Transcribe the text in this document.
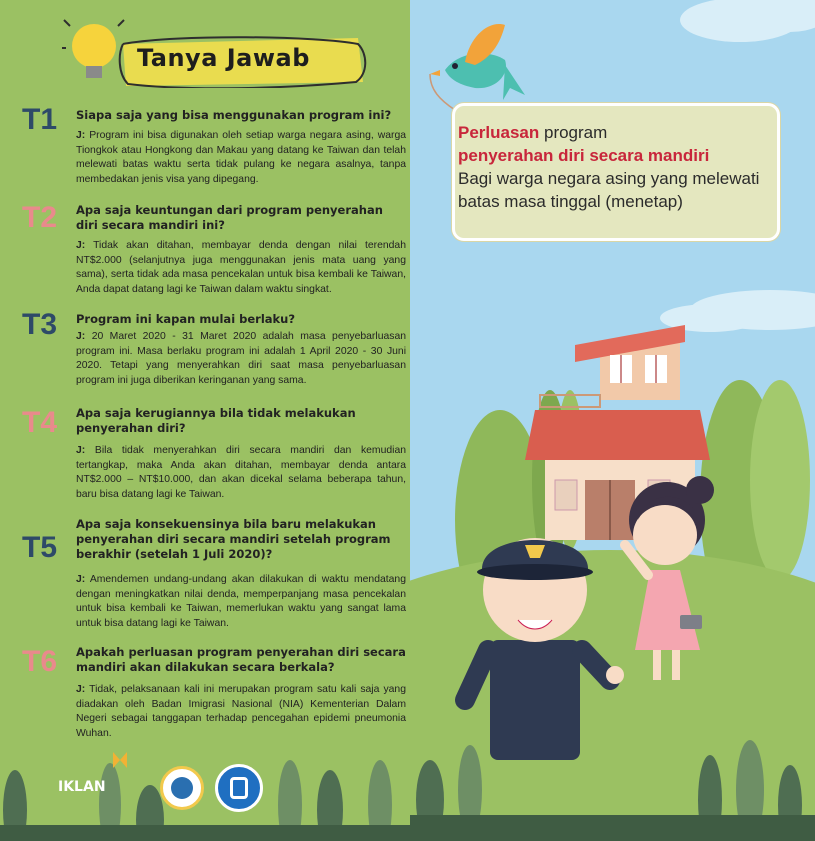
Tanya Jawab
T1 Siapa saja yang bisa menggunakan program ini?
J: Program ini bisa digunakan oleh setiap warga negara asing, warga Tiongkok atau Hongkong dan Makau yang datang ke Taiwan dan telah melewati batas waktu serta tidak pulang ke negara asalnya, tanpa membedakan jenis visa yang dipegang.
T2 Apa saja keuntungan dari program penyerahan diri secara mandiri ini?
J: Tidak akan ditahan, membayar denda dengan nilai terendah NT$2.000 (selanjutnya juga menggunakan jenis mata uang yang sama), serta tidak ada masa pencekalan untuk bisa kembali ke Taiwan, Anda dapat datang lagi ke Taiwan dalam waktu singkat.
T3 Program ini kapan mulai berlaku?
J: 20 Maret 2020 - 31 Maret 2020 adalah masa penyebarluasan program ini. Masa berlaku program ini adalah 1 April 2020 - 30 Juni 2020. Tetapi yang menyerahkan diri saat masa penyebarluasan program ini juga diberikan keringanan yang sama.
T4 Apa saja kerugiannya bila tidak melakukan penyerahan diri?
J: Bila tidak menyerahkan diri secara mandiri dan kemudian tertangkap, maka Anda akan ditahan, membayar denda antara NT$2.000 – NT$10.000, dan akan dicekal selama beberapa tahun, baru bisa datang lagi ke Taiwan.
T5
Apa saja konsekuensinya bila baru melakukan penyerahan diri secara mandiri setelah program berakhir (setelah 1 Juli 2020)?
J: Amendemen undang-undang akan dilakukan di waktu mendatang dengan meningkatkan nilai denda, memperpanjang masa pencekalan untuk bisa kembali ke Taiwan, memerlukan waktu yang sangat lama untuk bisa datang lagi ke Taiwan.
T6 Apakah perluasan program penyerahan diri secara mandiri akan dilakukan secara berkala?
J: Tidak, pelaksanaan kali ini merupakan program satu kali saja yang diadakan oleh Badan Imigrasi Nasional (NIA) Kementerian Dalam Negeri sebagai tanggapan terhadap pencegahan epidemi pneumonia Wuhan.
IKLAN
Perluasan program
penyerahan diri secara mandiri
Bagi warga negara asing yang melewati batas masa tinggal (menetap)
